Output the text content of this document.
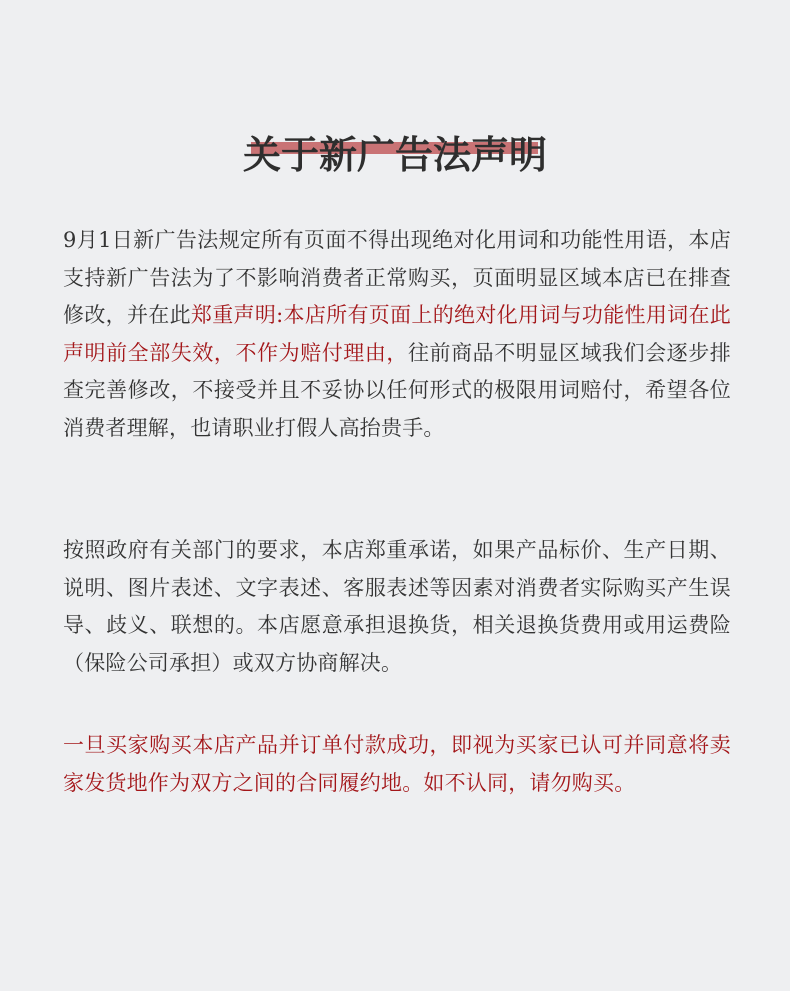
关于新广告法声明

9月1日新广告法规定所有页面不得出现绝对化用词和功能性用语，本店支持新广告法为了不影响消费者正常购买，页面明显区域本店已在排查修改，并在此郑重声明:本店所有页面上的绝对化用词与功能性用词在此声明前全部失效，不作为赔付理由，往前商品不明显区域我们会逐步排查完善修改，不接受并且不妥协以任何形式的极限用词赔付，希望各位消费者理解，也请职业打假人高抬贵手。

按照政府有关部门的要求，本店郑重承诺，如果产品标价、生产日期、说明、图片表述、文字表述、客服表述等因素对消费者实际购买产生误导、歧义、联想的。本店愿意承担退换货，相关退换货费用或用运费险（保险公司承担）或双方协商解决。

一旦买家购买本店产品并订单付款成功，即视为买家已认可并同意将卖家发货地作为双方之间的合同履约地。如不认同，请勿购买。
